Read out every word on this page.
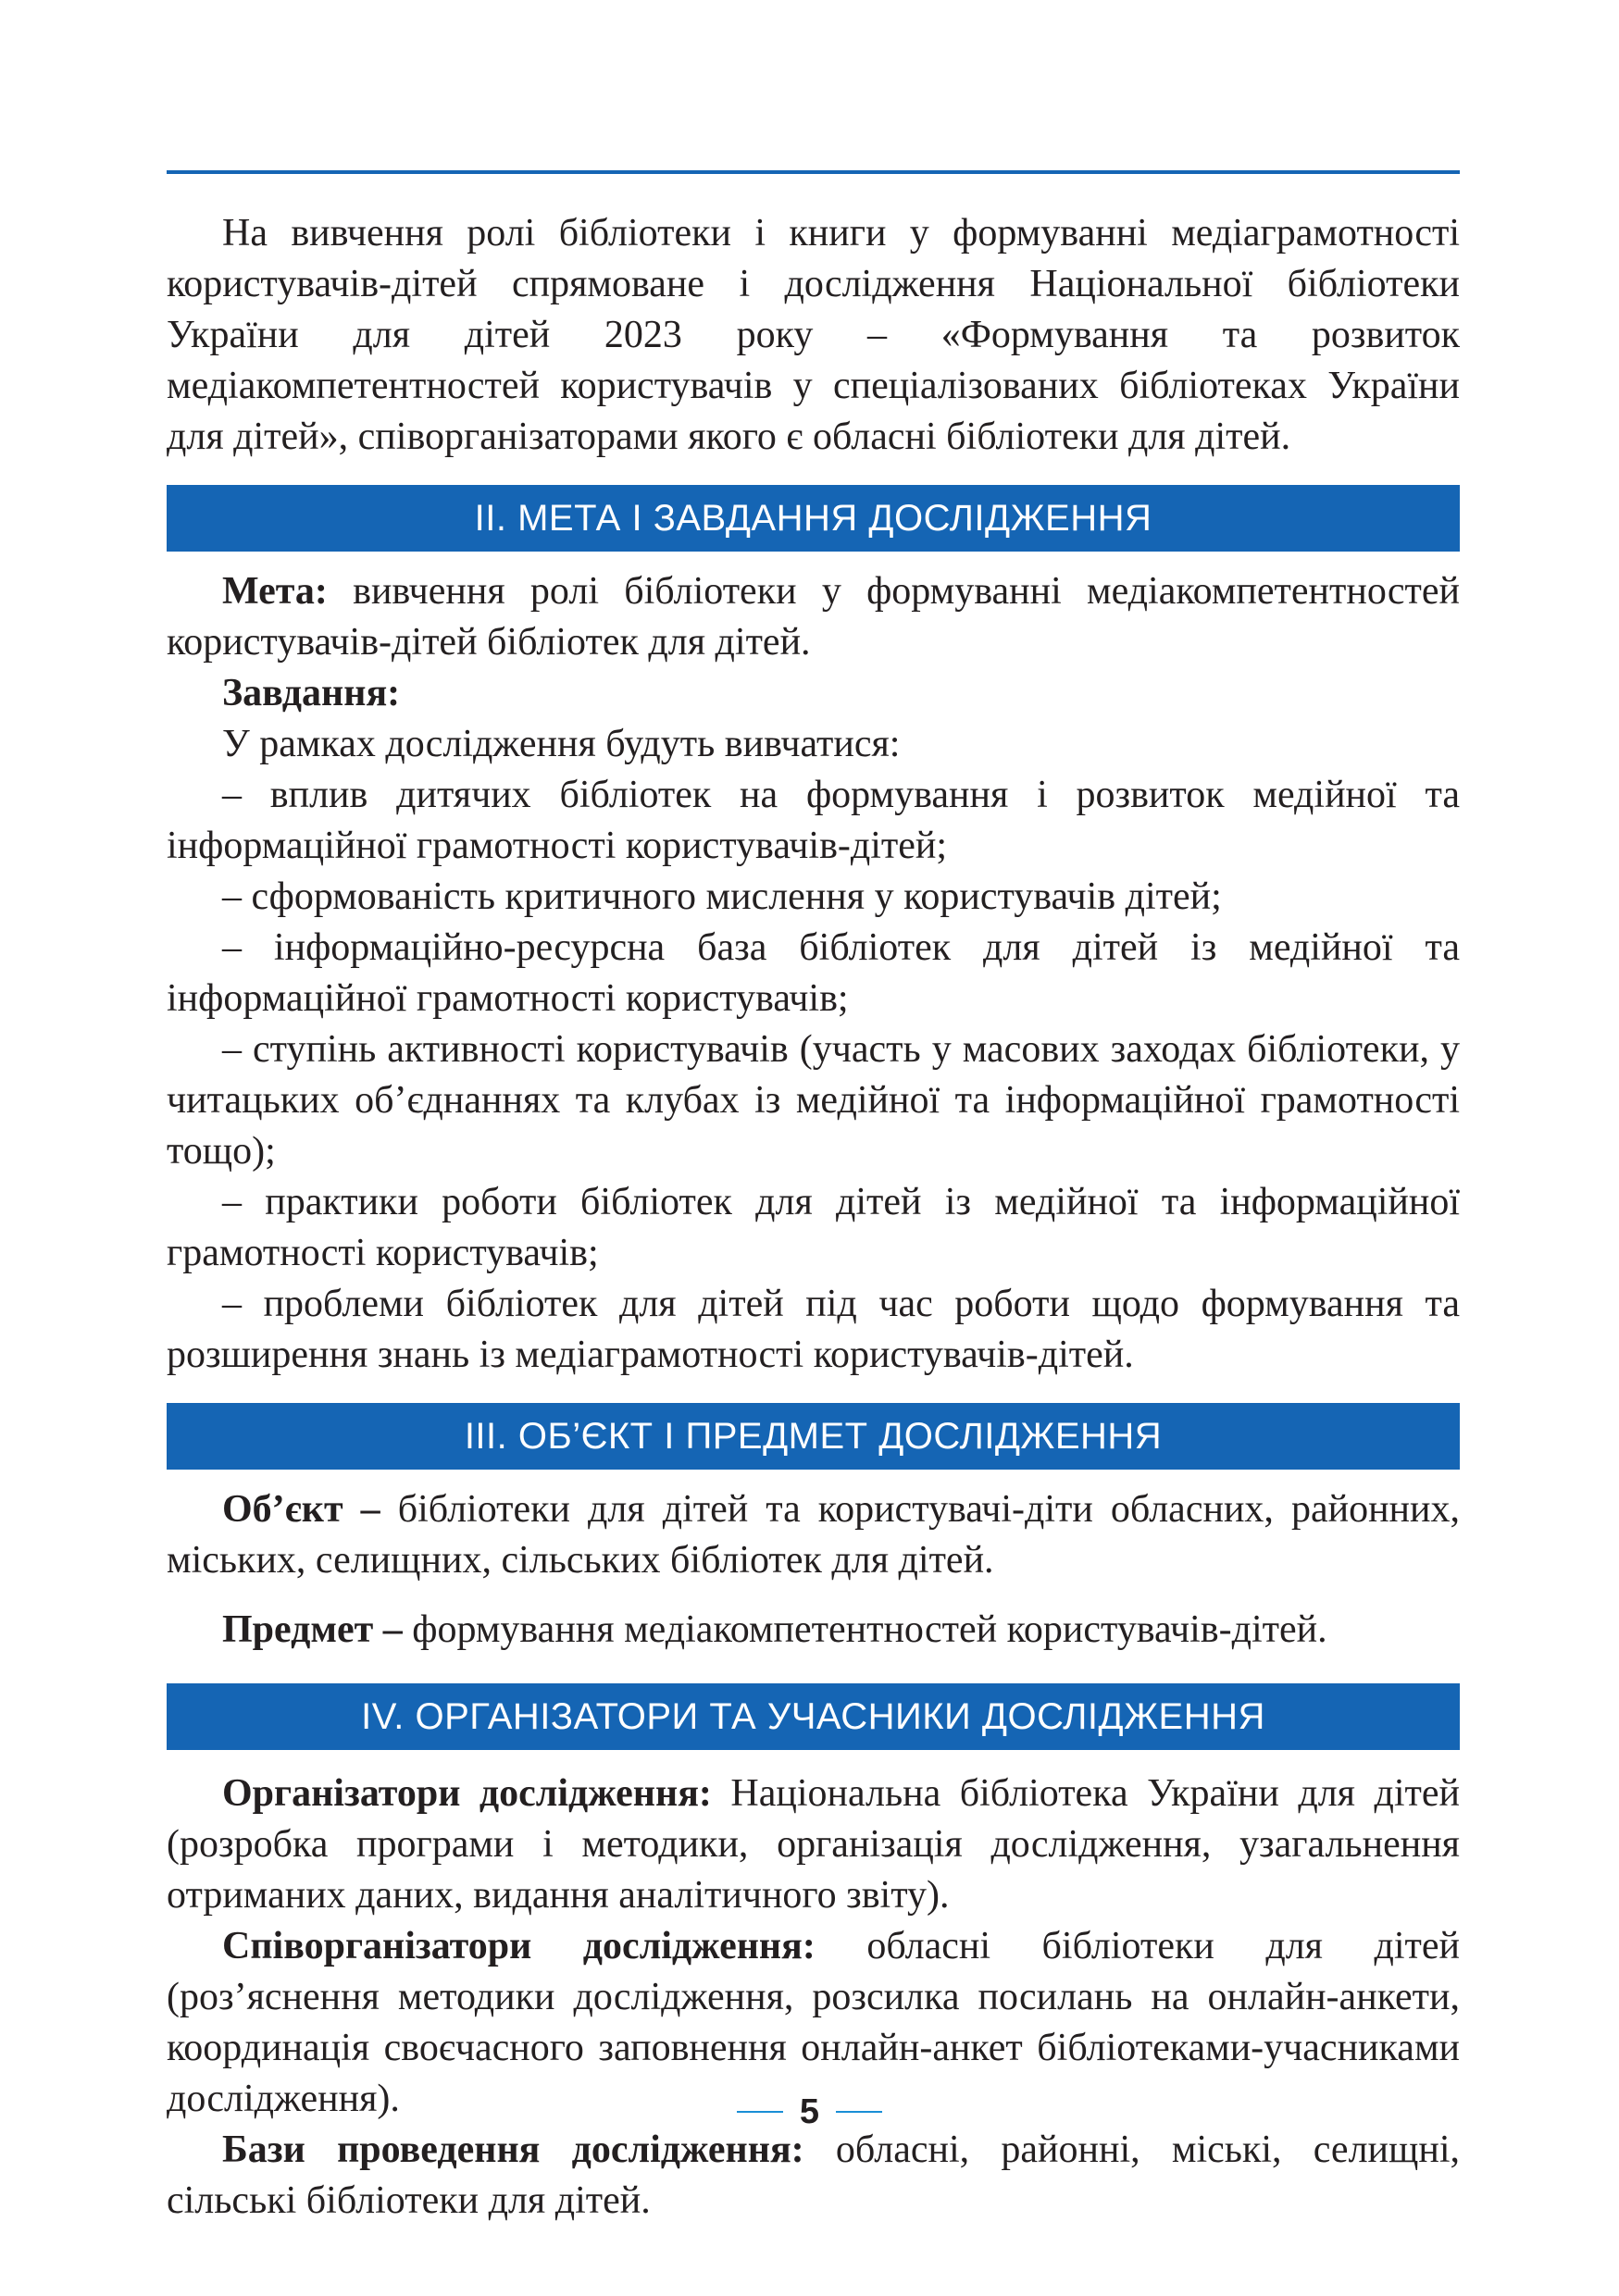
На вивчення ролі бібліотеки і книги у формуванні медіаграмотності користувачів-дітей спрямоване і дослідження Національної бібліотеки України для дітей 2023 року – «Формування та розвиток медіакомпетентностей користувачів у спеціалізованих бібліотеках України для дітей», співорганізаторами якого є обласні бібліотеки для дітей.

II. МЕТА І ЗАВДАННЯ ДОСЛІДЖЕННЯ

Мета: вивчення ролі бібліотеки у формуванні медіакомпетентностей користувачів-дітей бібліотек для дітей.

Завдання:

У рамках дослідження будуть вивчатися:

– вплив дитячих бібліотек на формування і розвиток медійної та інформаційної грамотності користувачів-дітей;

– сформованість критичного мислення у користувачів дітей;

– інформаційно-ресурсна база бібліотек для дітей із медійної та інформаційної грамотності користувачів;

– ступінь активності користувачів (участь у масових заходах бібліотеки, у читацьких об’єднаннях та клубах із медійної та інформаційної грамотності тощо);

– практики роботи бібліотек для дітей із медійної та інформаційної грамотності користувачів;

– проблеми бібліотек для дітей під час роботи щодо формування та розширення знань із медіаграмотності користувачів-дітей.

III. ОБ’ЄКТ І ПРЕДМЕТ ДОСЛІДЖЕННЯ

Об’єкт – бібліотеки для дітей та користувачі-діти обласних, районних, міських, селищних, сільських бібліотек для дітей.

Предмет – формування медіакомпетентностей користувачів-дітей.

IV. ОРГАНІЗАТОРИ ТА УЧАСНИКИ ДОСЛІДЖЕННЯ

Організатори дослідження: Національна бібліотека України для дітей (розробка програми і методики, організація дослідження, узагальнення отриманих даних, видання аналітичного звіту).

Співорганізатори дослідження: обласні бібліотеки для дітей (роз’яснення методики дослідження, розсилка посилань на онлайн-анкети, координація своєчасного заповнення онлайн-анкет бібліотеками-учасниками дослідження).

Бази проведення дослідження: обласні, районні, міські, селищні, сільські бібліотеки для дітей.

5
